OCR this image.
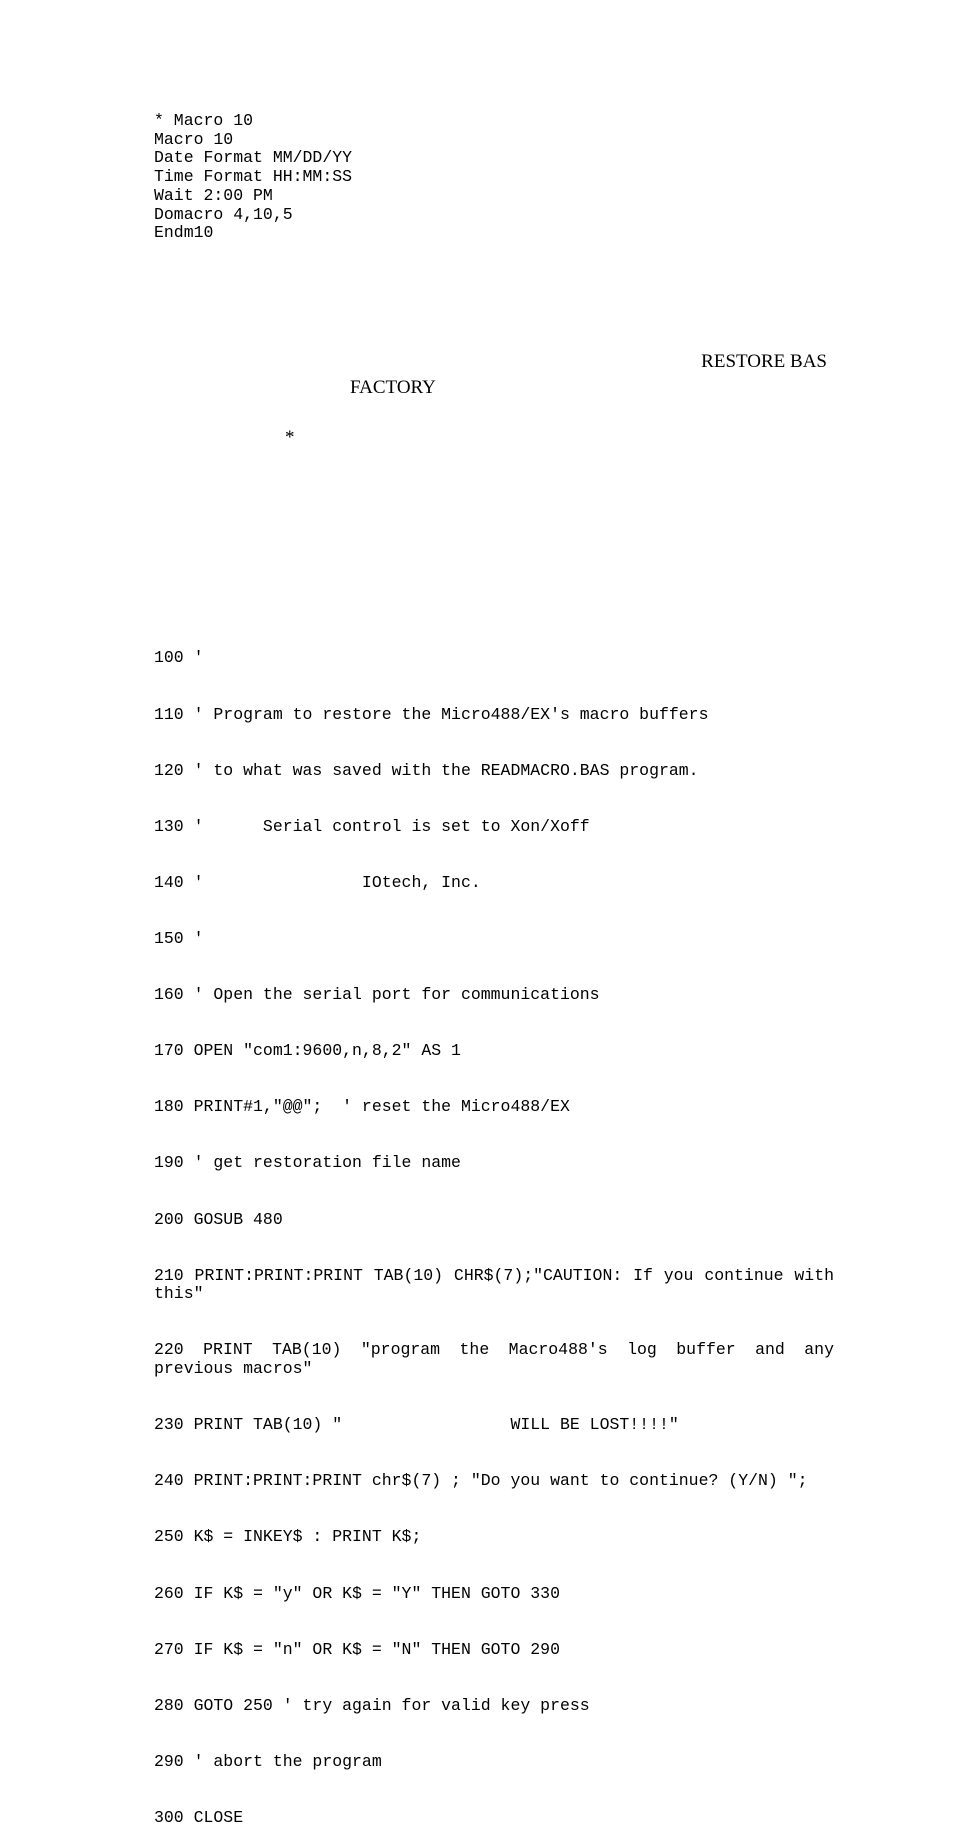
* Macro 10
Macro 10
Date Format MM/DD/YY
Time Format HH:MM:SS
Wait 2:00 PM
Domacro 4,10,5
Endm10
RESTORE BAS
FACTORY
*

100 '

110 ' Program to restore the Micro488/EX's macro buffers

120 ' to what was saved with the READMACRO.BAS program.

130 '      Serial control is set to Xon/Xoff

140 '                IOtech, Inc.

150 '

160 ' Open the serial port for communications

170 OPEN "com1:9600,n,8,2" AS 1

180 PRINT#1,"@@";  ' reset the Micro488/EX

190 ' get restoration file name

200 GOSUB 480

210 PRINT:PRINT:PRINT TAB(10) CHR$(7);"CAUTION: If you continue with this"

220 PRINT TAB(10) "program the Macro488's log buffer and any previous macros"

230 PRINT TAB(10) "                 WILL BE LOST!!!!"

240 PRINT:PRINT:PRINT chr$(7) ; "Do you want to continue? (Y/N) ";

250 K$ = INKEY$ : PRINT K$;

260 IF K$ = "y" OR K$ = "Y" THEN GOTO 330

270 IF K$ = "n" OR K$ = "N" THEN GOTO 290

280 GOTO 250 ' try again for valid key press

290 ' abort the program

300 CLOSE
